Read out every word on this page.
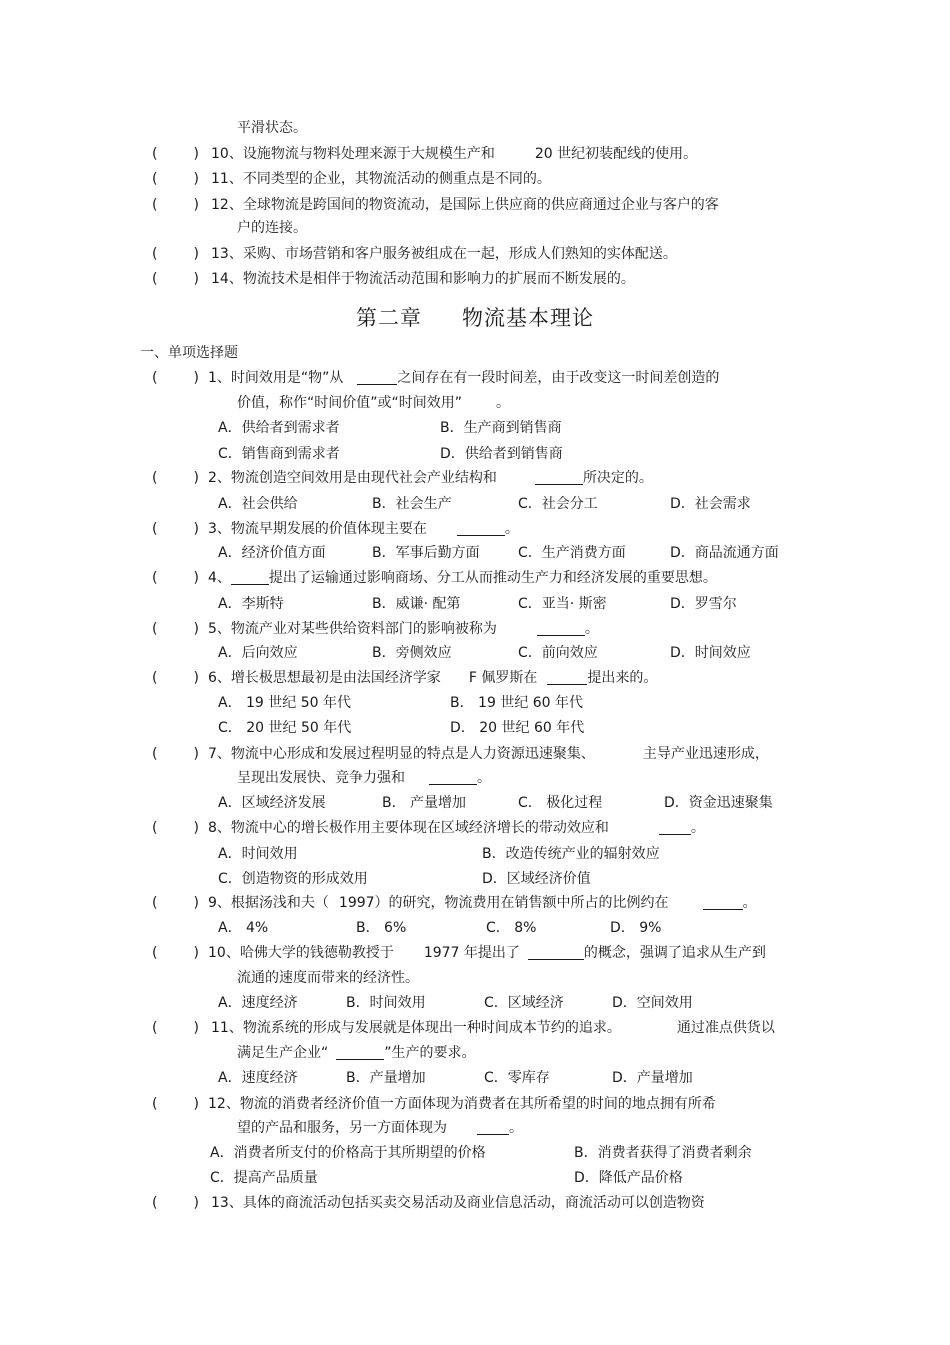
平滑状态。
(	) 10、设施物流与物料处理来源于大规模生产和	20 世纪初装配线的使用。
(	) 11、不同类型的企业，其物流活动的侧重点是不同的。
(	) 12、全球物流是跨国间的物资流动，是国际上供应商的供应商通过企业与客户的客
户的连接。
(	) 13、采购、市场营销和客户服务被组成在一起，形成人们熟知的实体配送。
(	) 14、物流技术是相伴于物流活动范围和影响力的扩展而不断发展的。
第二章 物流基本理论
一、单项选择题
(	) 1、时间效用是“物”从	之间存在有一段时间差，由于改变这一时间差创造的
价值，称作“时间价值”或“时间效用” 。
A．供给者到需求者	B．生产商到销售商
C．销售商到需求者	D．供给者到销售商
(	) 2、物流创造空间效用是由现代社会产业结构和	所决定的。
A．社会供给	B．社会生产	C．社会分工	D．社会需求
(	) 3、物流早期发展的价值体现主要在	。
A．经济价值方面	B．军事后勤方面	C．生产消费方面	D．商品流通方面
(	) 4、	提出了运输通过影响商场、分工从而推动生产力和经济发展的重要思想。
A．李斯特	B．威谦· 配第	C．亚当· 斯密	D．罗雪尔
(	) 5、物流产业对某些供给资料部门的影响被称为	。
A．后向效应	B．旁侧效应	C．前向效应	D．时间效应
(	) 6、增长极思想最初是由法国经济学家 F 佩罗斯在	提出来的。
A． 19 世纪 50 年代	B． 19 世纪 60 年代
C． 20 世纪 50 年代	D． 20 世纪 60 年代
(	) 7、物流中心形成和发展过程明显的特点是人力资源迅速聚集、	主导产业迅速形成，
呈现出发展快、竞争力强和	。
A．区域经济发展	B． 产量增加	C． 极化过程	D．资金迅速聚集
(	) 8、物流中心的增长极作用主要体现在区域经济增长的带动效应和	。
A．时间效用	B．改造传统产业的辐射效应
C．创造物资的形成效用	D．区域经济价值
(	) 9、根据汤浅和夫（ 1997）的研究，物流费用在销售额中所占的比例约在	。
A． 4%	B． 6%	C． 8%	D． 9%
(	) 10、哈佛大学的钱德勒教授于 1977 年提出了	的概念，强调了追求从生产到
流通的速度而带来的经济性。
A．速度经济	B．时间效用	C．区域经济	D．空间效用
(	) 11、物流系统的形成与发展就是体现出一种时间成本节约的追求。	通过准点供货以
满足生产企业“	”生产的要求。
A．速度经济	B．产量增加	C．零库存	D．产量增加
(	) 12、物流的消费者经济价值一方面体现为消费者在其所希望的时间的地点拥有所希
望的产品和服务，另一方面体现为	。
A．消费者所支付的价格高于其所期望的价格	B．消费者获得了消费者剩余
C．提高产品质量	D．降低产品价格
(	) 13、具体的商流活动包括买卖交易活动及商业信息活动，商流活动可以创造物资
